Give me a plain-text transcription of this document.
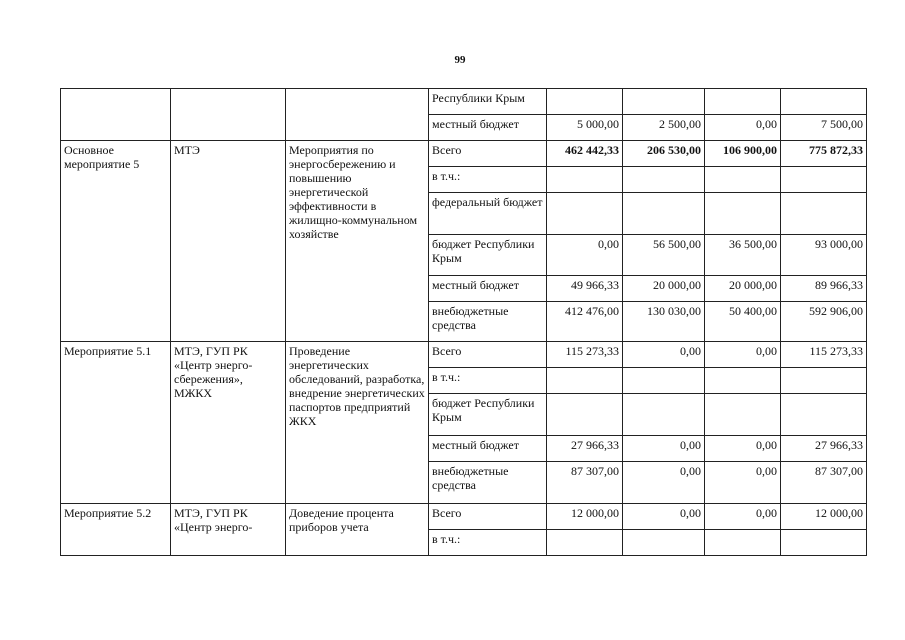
99
			Республики Крым				
			местный бюджет	5 000,00	2 500,00	0,00	7 500,00
Основное мероприятие 5	МТЭ	Мероприятия по энергосбережению и повышению энергетической эффективности в жилищно-коммунальном хозяйстве	Всего	462 442,33	206 530,00	106 900,00	775 872,33
			в т.ч.:				
			федеральный бюджет				
			бюджет Республики Крым	0,00	56 500,00	36 500,00	93 000,00
			местный бюджет	49 966,33	20 000,00	20 000,00	89 966,33
			внебюджетные средства	412 476,00	130 030,00	50 400,00	592 906,00
Мероприятие 5.1	МТЭ, ГУП РК «Центр энерго-сбережения», МЖКХ	Проведение энергетических обследований, разработка, внедрение энергетических паспортов предприятий ЖКХ	Всего	115 273,33	0,00	0,00	115 273,33
			в т.ч.:				
			бюджет Республики Крым				
			местный бюджет	27 966,33	0,00	0,00	27 966,33
			внебюджетные средства	87 307,00	0,00	0,00	87 307,00
Мероприятие 5.2	МТЭ, ГУП РК «Центр энерго-	Доведение процента приборов учета	Всего	12 000,00	0,00	0,00	12 000,00
			в т.ч.:				
